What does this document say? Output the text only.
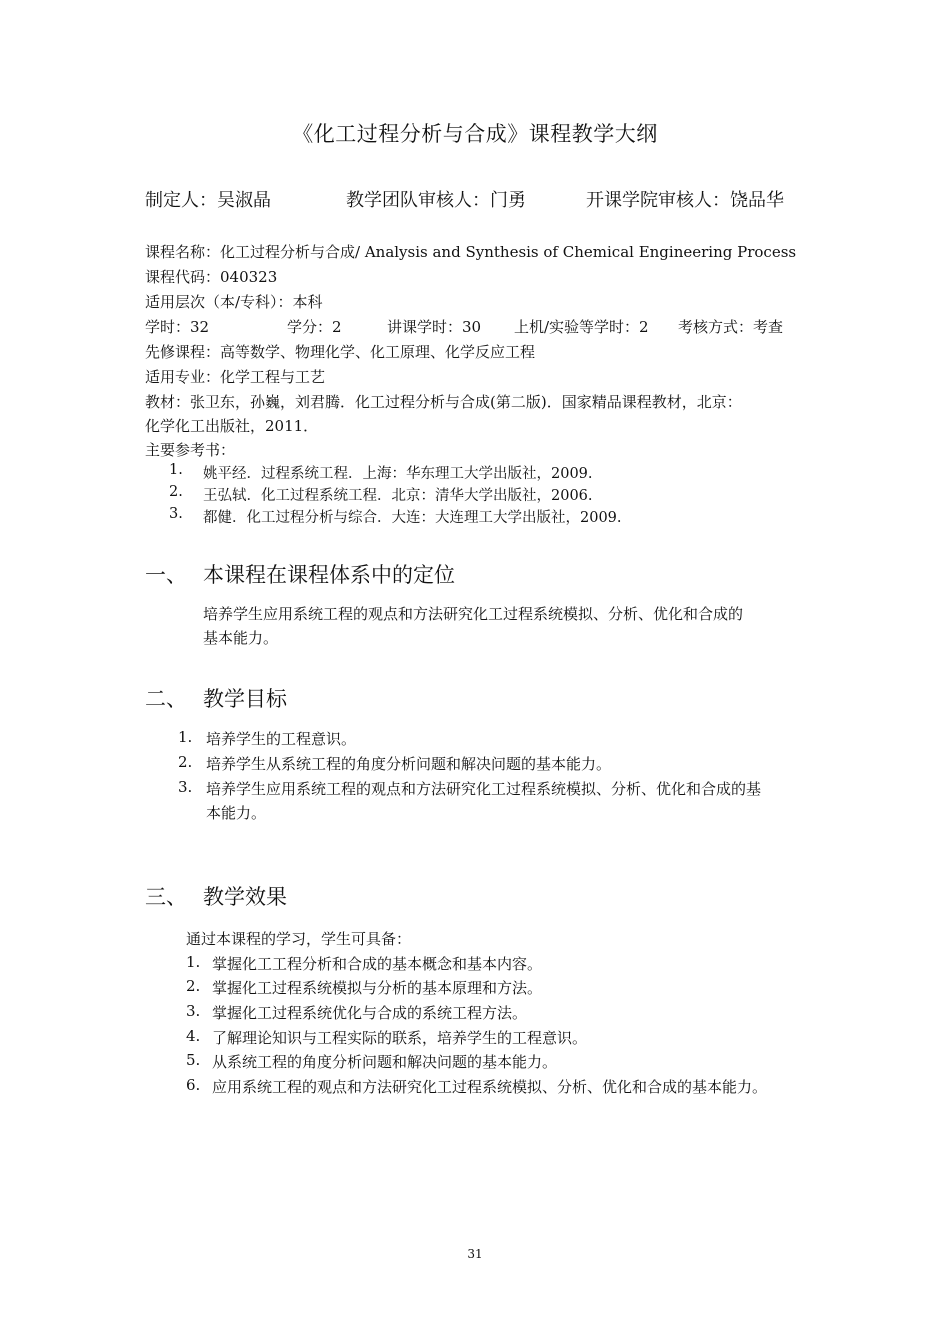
《化工过程分析与合成》课程教学大纲
制定人：吴淑晶	教学团队审核人：门勇	开课学院审核人：饶品华
课程名称：化工过程分析与合成/ Analysis and Synthesis of Chemical Engineering Process
课程代码：040323
适用层次（本/专科）：本科
学时：32	学分：2	讲课学时：30 上机/实验等学时：2 考核方式：考查
先修课程：高等数学、物理化学、化工原理、化学反应工程
适用专业：化学工程与工艺
教材：张卫东，孙巍，刘君腾．化工过程分析与合成(第二版)．国家精品课程教材，北京：
化学化工出版社，2011．
主要参考书：
1. 姚平经．过程系统工程．上海：华东理工大学出版社，2009.
2. 王弘轼．化工过程系统工程．北京：清华大学出版社，2006.
3. 都健．化工过程分析与综合．大连：大连理工大学出版社，2009.
一、 本课程在课程体系中的定位
培养学生应用系统工程的观点和方法研究化工过程系统模拟、分析、优化和合成的
基本能力。
二、 教学目标
1. 培养学生的工程意识。
2. 培养学生从系统工程的角度分析问题和解决问题的基本能力。
3. 培养学生应用系统工程的观点和方法研究化工过程系统模拟、分析、优化和合成的基
本能力。
三、 教学效果
通过本课程的学习，学生可具备：
1. 掌握化工工程分析和合成的基本概念和基本内容。
2. 掌握化工过程系统模拟与分析的基本原理和方法。
3. 掌握化工过程系统优化与合成的系统工程方法。
4. 了解理论知识与工程实际的联系，培养学生的工程意识。
5. 从系统工程的角度分析问题和解决问题的基本能力。
6. 应用系统工程的观点和方法研究化工过程系统模拟、分析、优化和合成的基本能力。
31
